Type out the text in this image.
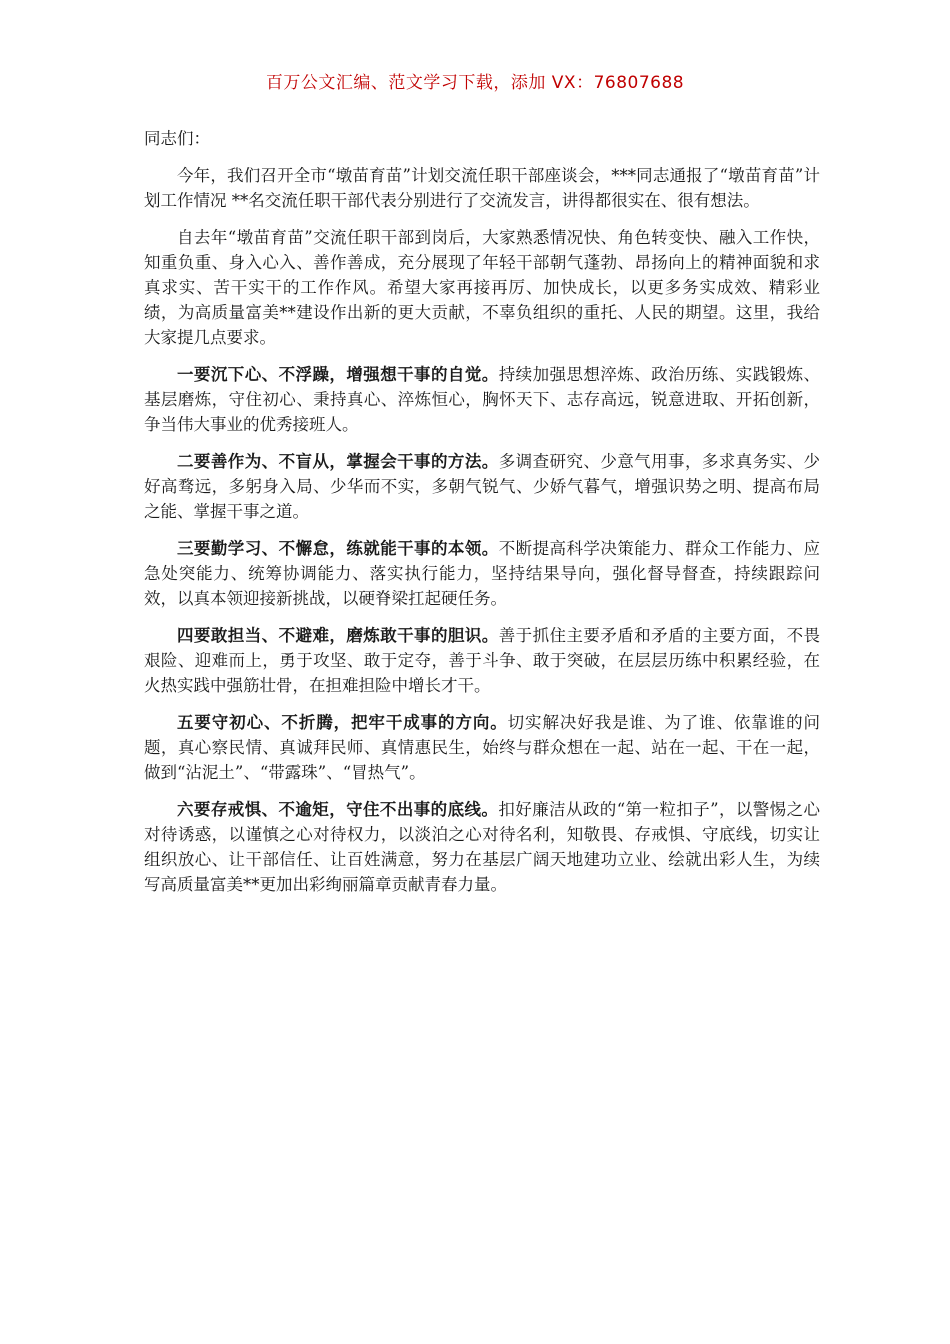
百万公文汇编、范文学习下载，添加 VX：76807688

同志们：

今年，我们召开全市“墩苗育苗”计划交流任职干部座谈会，***同志通报了“墩苗育苗”计划工作情况 **名交流任职干部代表分别进行了交流发言，讲得都很实在、很有想法。

自去年“墩苗育苗”交流任职干部到岗后，大家熟悉情况快、角色转变快、融入工作快，知重负重、身入心入、善作善成，充分展现了年轻干部朝气蓬勃、昂扬向上的精神面貌和求真求实、苦干实干的工作作风。希望大家再接再厉、加快成长，以更多务实成效、精彩业绩，为高质量富美**建设作出新的更大贡献，不辜负组织的重托、人民的期望。这里，我给大家提几点要求。

一要沉下心、不浮躁，增强想干事的自觉。持续加强思想淬炼、政治历练、实践锻炼、基层磨炼，守住初心、秉持真心、淬炼恒心，胸怀天下、志存高远，锐意进取、开拓创新，争当伟大事业的优秀接班人。

二要善作为、不盲从，掌握会干事的方法。多调查研究、少意气用事，多求真务实、少好高骛远，多躬身入局、少华而不实，多朝气锐气、少娇气暮气，增强识势之明、提高布局之能、掌握干事之道。

三要勤学习、不懈怠，练就能干事的本领。不断提高科学决策能力、群众工作能力、应急处突能力、统筹协调能力、落实执行能力，坚持结果导向，强化督导督查，持续跟踪问效，以真本领迎接新挑战，以硬脊梁扛起硬任务。

四要敢担当、不避难，磨炼敢干事的胆识。善于抓住主要矛盾和矛盾的主要方面，不畏艰险、迎难而上，勇于攻坚、敢于定夺，善于斗争、敢于突破，在层层历练中积累经验，在火热实践中强筋壮骨，在担难担险中增长才干。

五要守初心、不折腾，把牢干成事的方向。切实解决好我是谁、为了谁、依靠谁的问题，真心察民情、真诚拜民师、真情惠民生，始终与群众想在一起、站在一起、干在一起，做到“沾泥土”、“带露珠”、“冒热气”。

六要存戒惧、不逾矩，守住不出事的底线。扣好廉洁从政的“第一粒扣子”，以警惕之心对待诱惑，以谨慎之心对待权力，以淡泊之心对待名利，知敬畏、存戒惧、守底线，切实让组织放心、让干部信任、让百姓满意，努力在基层广阔天地建功立业、绘就出彩人生，为续写高质量富美**更加出彩绚丽篇章贡献青春力量。
